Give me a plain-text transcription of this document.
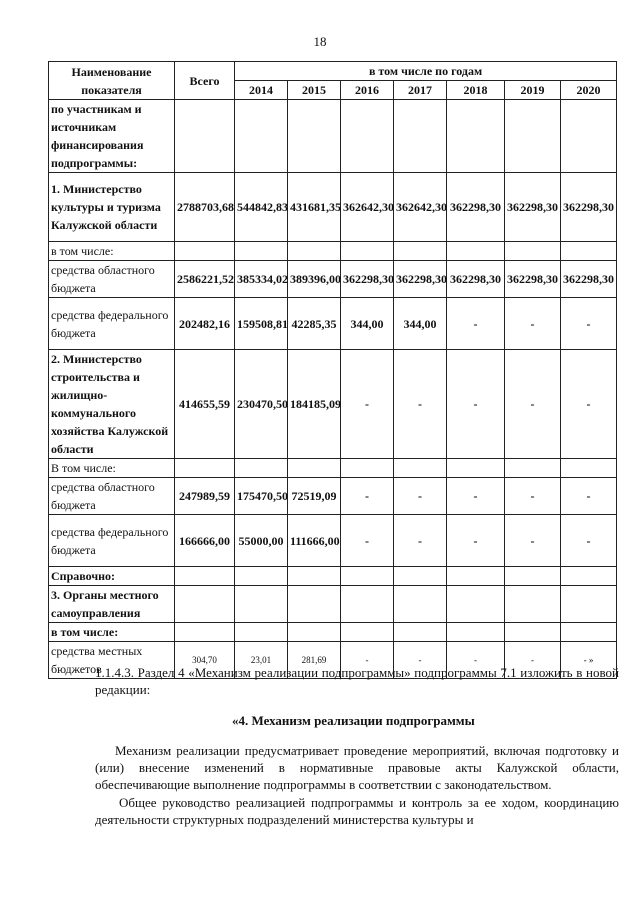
18
Наименование показателя	Всего	в том числе по годам						
		2014	2015	2016	2017	2018	2019	2020
по участникам и источникам финансирования подпрограммы:								
1. Министерство культуры и туризма Калужской области	2788703,68	544842,83	431681,35	362642,30	362642,30	362298,30	362298,30	362298,30
в том числе:								
средства областного бюджета	2586221,52	385334,02	389396,00	362298,30	362298,30	362298,30	362298,30	362298,30
средства федерального бюджета	202482,16	159508,81	42285,35	344,00	344,00	-	-	-
2. Министерство строительства и жилищно-коммунального хозяйства Калужской области	414655,59	230470,50	184185,09	-	-	-	-	-
В том числе:								
средства областного бюджета	247989,59	175470,50	72519,09	-	-	-	-	-
средства федерального бюджета	166666,00	55000,00	111666,00	-	-	-	-	-
Справочно:								
3. Органы местного самоуправления								
в том числе:								
средства местных бюджетов	304,70	23,01	281,69	-	-	-	-	- »

1.1.4.3. Раздел 4 «Механизм реализации подпрограммы» подпрограммы 7.1 изложить в новой редакции:

«4. Механизм реализации подпрограммы

Механизм реализации предусматривает проведение мероприятий, включая подготовку и (или) внесение изменений в нормативные правовые акты Калужской области, обеспечивающие выполнение подпрограммы в соответствии с законодательством.

Общее руководство реализацией подпрограммы и контроль за ее ходом, координацию деятельности структурных подразделений министерства культуры и
